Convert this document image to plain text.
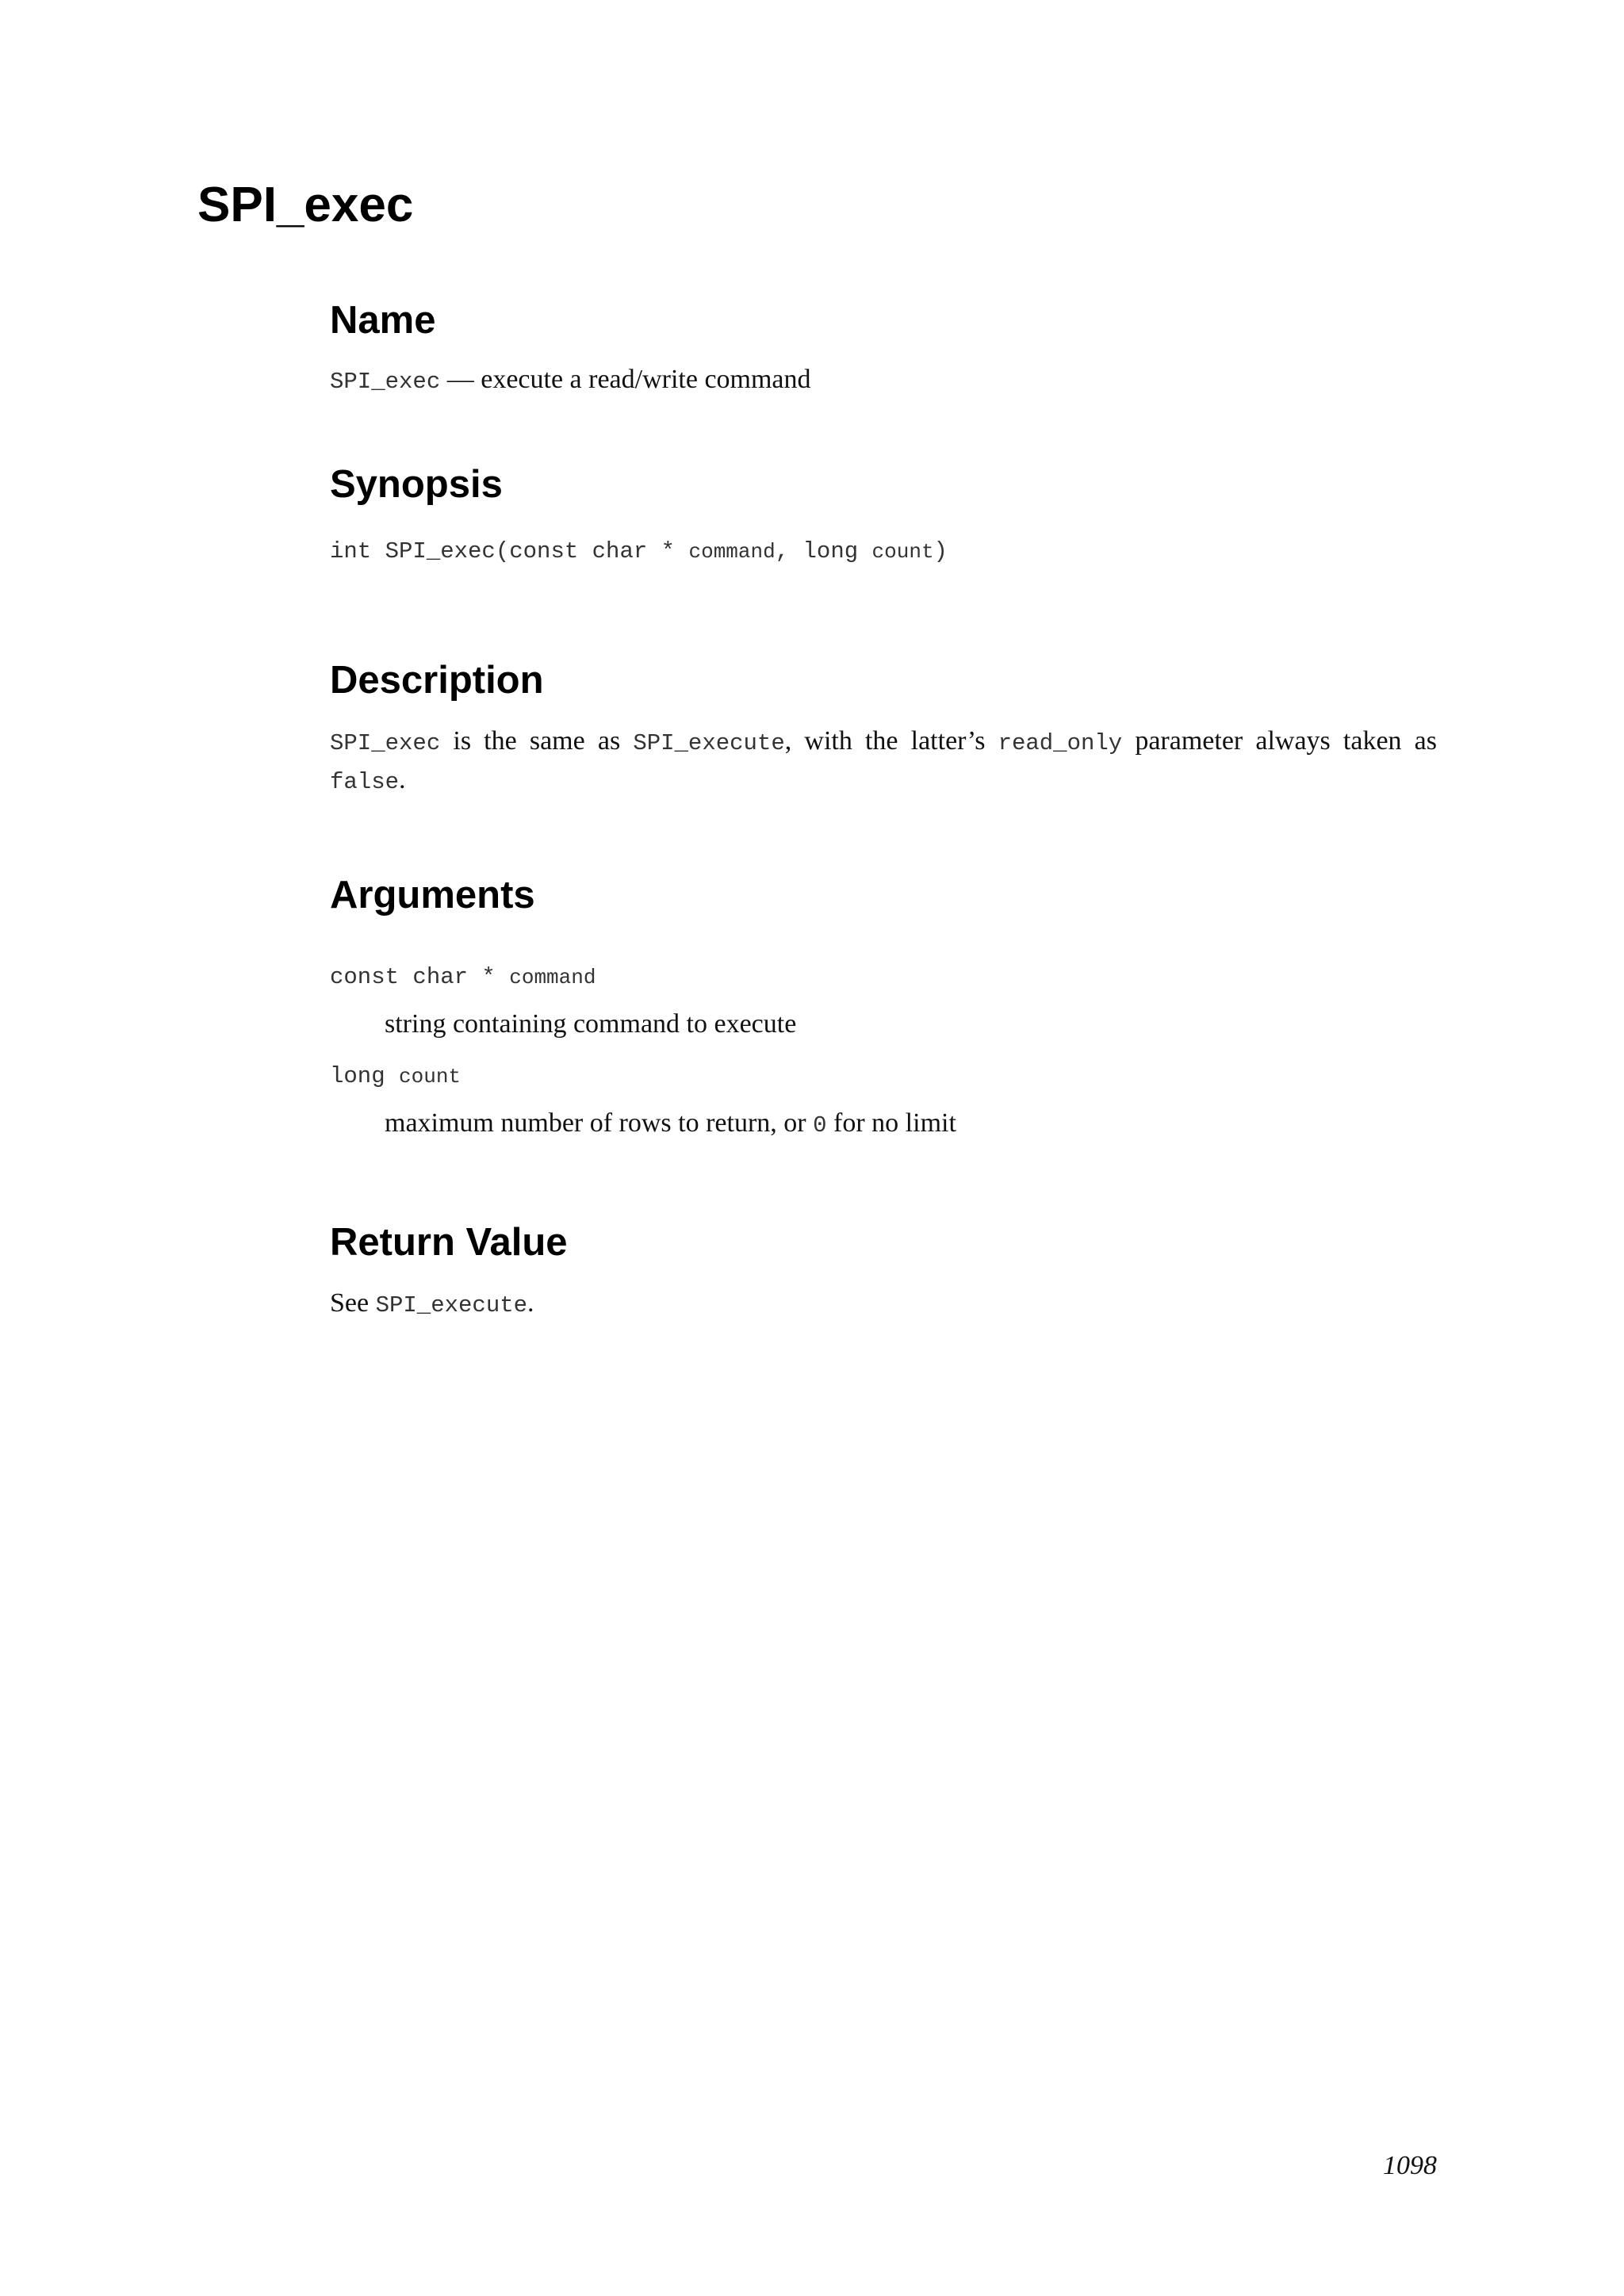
SPI_exec
Name

SPI_exec — execute a read/write command

Synopsis

int SPI_exec(const char * command, long count)

Description

SPI_exec is the same as SPI_execute, with the latter’s read_only parameter always taken as false.

Arguments

const char * command

string containing command to execute

long count

maximum number of rows to return, or 0 for no limit

Return Value

See SPI_execute.

1098
